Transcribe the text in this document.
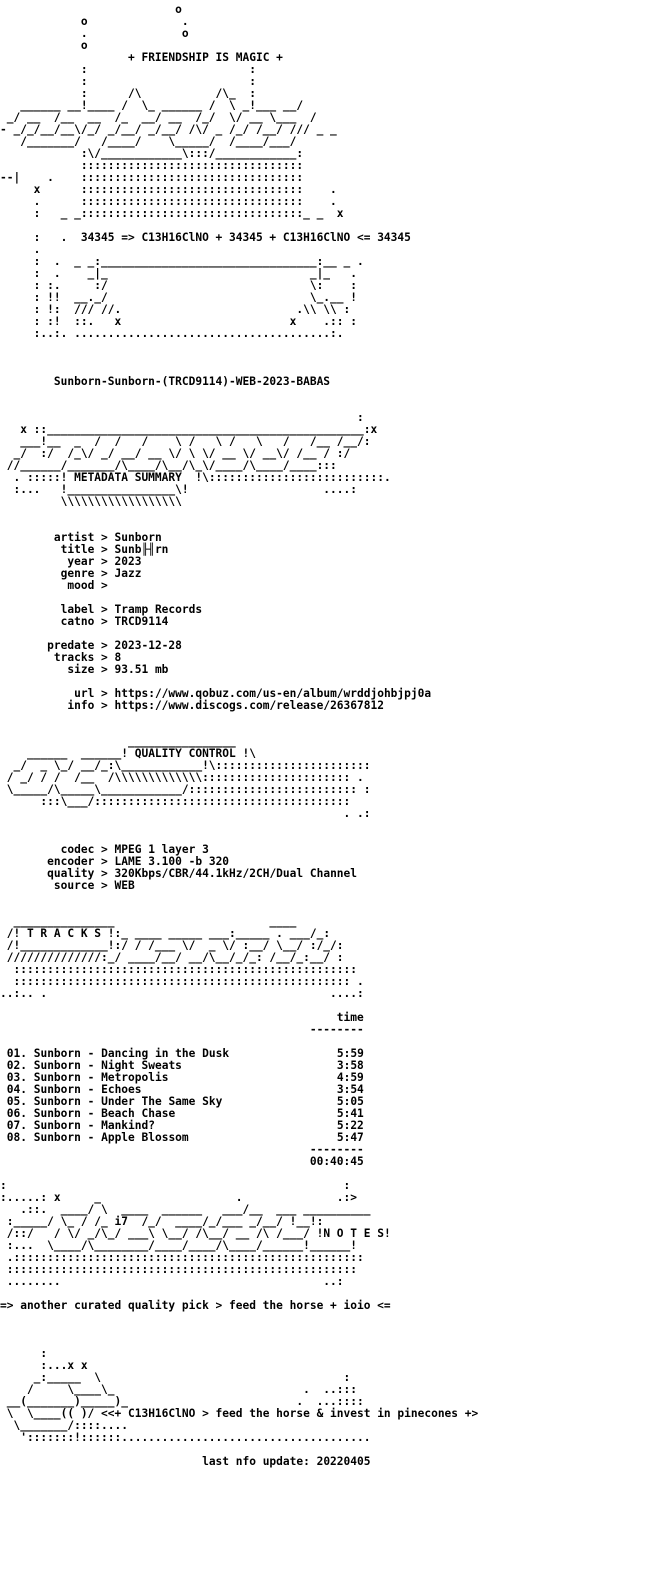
o
o              .
.              o
o
+ FRIENDSHIP IS MAGIC +
:                        :
:                        :
:      /\           /\_  :
______ __!____ /  \_ ______ /  \ _!___ __/
_/ __  /__  __  /_  __/ __  /_/  \/ __ \___  /
- _/_/__/__\/_/ _/__/ _/__/ /\/ _ /_/ /__/ /// _ _
/_______/   /____/    \_____/  /____/___/
:\/____________\:::/____________:
:::::::::::::::::::::::::::::::::
--|    .    :::::::::::::::::::::::::::::::::
x      :::::::::::::::::::::::::::::::::    .
.      :::::::::::::::::::::::::::::::::    .
:   _ _:::::::::::::::::::::::::::::::::_ _  x

:   .  34345 => C13H16ClNO + 34345 + C13H16ClNO <= 34345
.
:  .  _ _:________________________________:__ _ .
:  .    _|_                              _|_   .
: :.     :/                              \:    :
: !!  __._/                              \_.__ !
: !:  /// //.                          .\\ \\ :
: :!  ::.   x                         x    .:: :
:..:. ......................................:.

Sunborn-Sunborn-(TRCD9114)-WEB-2023-BABAS

:
x ::_______________________________________________:x
___!__  _  /  /   /    \ /   \ /   \   /   /__ /__/:
_/  :/  /_\/ _/ __/ __ \/ \ \/ __ \/ __\/ /__ / :/
//______/_______/\____/\__/\_\/____/\____/____:::
. :::::! METADATA SUMMARY  !\::::::::::::::::::::::::::.
:...   !________________\!                    ....:
\\\\\\\\\\\\\\\\\\

artist > Sunborn
title > Sunb╟╢rn
year > 2023
genre > Jazz
mood >

label > Tramp Records
catno > TRCD9114

predate > 2023-12-28
tracks > 8
size > 93.51 mb

url > https://www.qobuz.com/us-en/album/wrddjohbjpj0a
info > https://www.discogs.com/release/26367812

________________
______  ______! QUALITY CONTROL !\
_/  _ \_/ __/_:\____________!\:::::::::::::::::::::::
/ _/ / /  /__  /\\\\\\\\\\\\\:::::::::::::::::::::: .
\_____/\_____\____________/::::::::::::::::::::::::: :
:::\___/::::::::::::::::::::::::::::::::::::::
. .:

codec > MPEG 1 layer 3
encoder > LAME 3.100 -b 320
quality > 320Kbps/CBR/44.1kHz/2CH/Dual Channel
source > WEB

_______________                       ____
/! T R A C K S !:_ ____ _____ ___:_____ . ___/_:
/!_____________!:/ / /___ \/  _ \/ :__/ \__/ :/_/:
//////////////:_/ ____/__/ __/\__/_/_: /__/_:__/ :
:::::::::::::::::::::::::::::::::::::::::::::::::::
:::::::::::::::::::::::::::::::::::::::::::::::::: .
..:.. .                                          ....:

time
--------

01. Sunborn - Dancing in the Dusk	5:59
02. Sunborn - Night Sweats	3:58
03. Sunborn - Metropolis	4:59
04. Sunborn - Echoes	3:54
05. Sunborn - Under The Same Sky	5:05
06. Sunborn - Beach Chase	5:41
07. Sunborn - Mankind?	5:22
08. Sunborn - Apple Blossom	5:47
--------
00:40:45

:                                                  :
:.....: x     _                    .              .:>
.::.  ____/ \  ____  ______   ___/__  ___ __________
:_____/ \_ / /_ i7  /_/  ____/_/___ _/__/ !__!:
/::/   / \/ _/\_/ ___\ \__/ /\__/ __ /\ /___/ !N O T E S!
:...  \____/\________/____/____/\____/______!______!
.::::::::::::::::::::::::::::::::::::::::::::::::::::
::::::::::::::::::::::::::::::::::::::::::::::::::::
........                                       ..:

=> another curated quality pick > feed the horse + ioio <=

:
:...x x
_:_____  \                                    :
/     \____\_                            .  ..:::
__(_______)_____)_                         .  ...::::
\  \____(( )/ <<+ C13H16ClNO > feed the horse & invest in pinecones +>
\_______/::::....
':::::::!::::::.....................................

last nfo update: 20220405
